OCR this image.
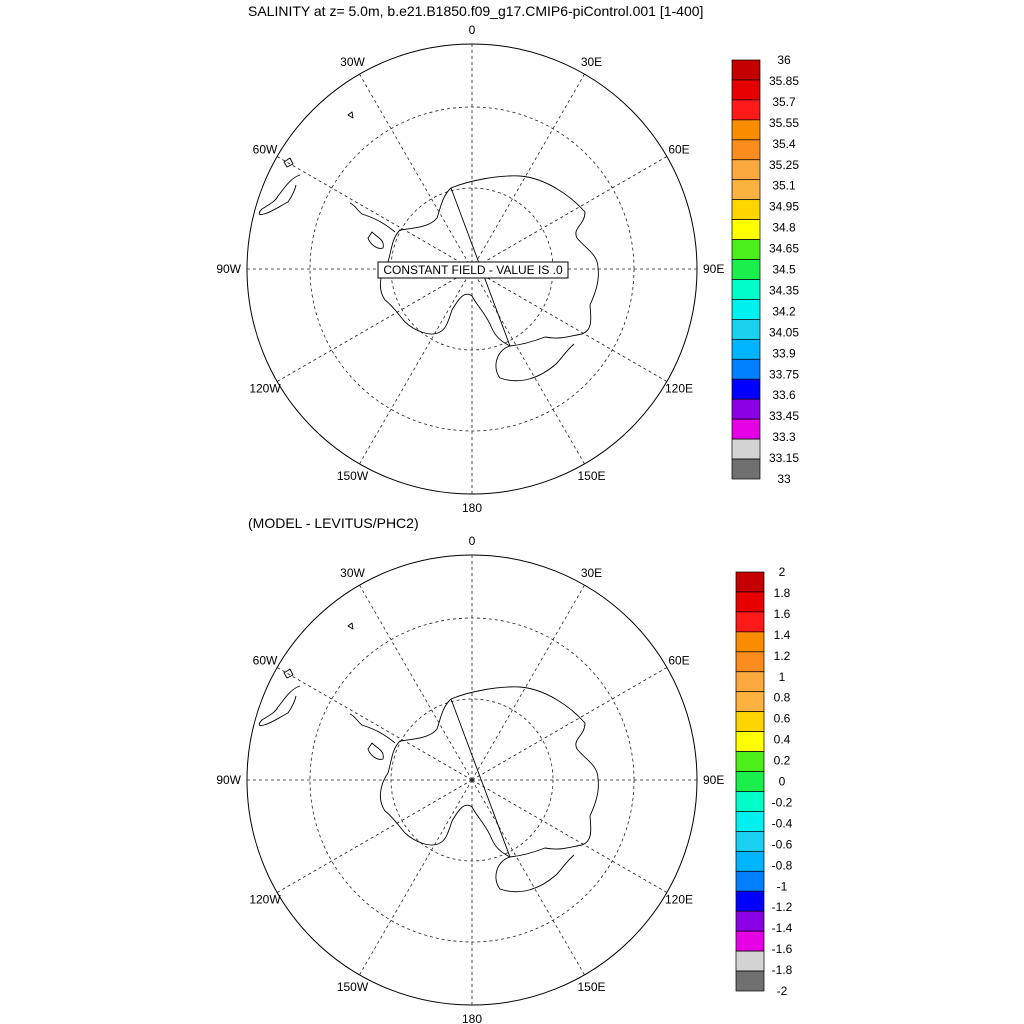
SALINITY at z= 5.0m, b.e21.B1850.f09_g17.CMIP6-piControl.001 [1-400]
CONSTANT FIELD - VALUE IS .0
0
30E
60E
90E
120E
150E
180
150W
120W
90W
60W
30W	36
35.85
35.7
35.55
35.4
35.25
35.1
34.95
34.8
34.65
34.5
34.35
34.2
34.05
33.9
33.75
33.6
33.45
33.3
33.15
33
(MODEL - LEVITUS/PHC2)
0
30E
60E
90E
120E
150E
180
150W
120W
90W
60W
30W	2
1.8
1.6
1.4
1.2
1
0.8
0.6
0.4
0.2
0
-0.2
-0.4
-0.6
-0.8
-1
-1.2
-1.4
-1.6
-1.8
-2
